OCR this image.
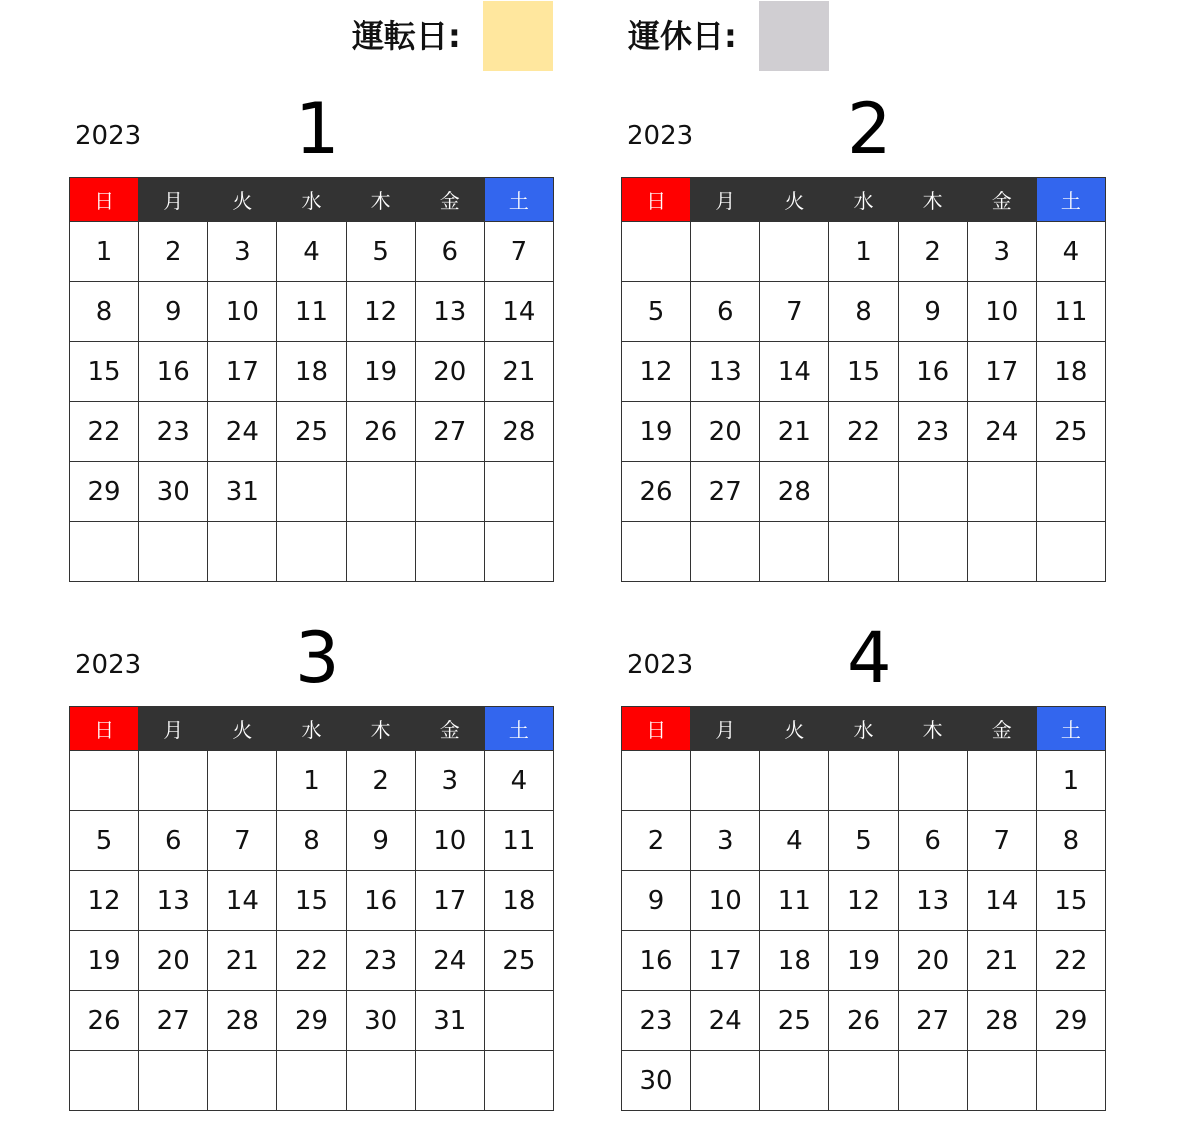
運転日:	運休日:
2023 1
日	月	火	水	木	金	土
1	2	3	4	5	6	7
8	9	10	11	12	13	14
15	16	17	18	19	20	21
22	23	24	25	26	27	28
29	30	31				

2023 2
日	月	火	水	木	金	土
			1	2	3	4
5	6	7	8	9	10	11
12	13	14	15	16	17	18
19	20	21	22	23	24	25
26	27	28				

2023 3
日	月	火	水	木	金	土
			1	2	3	4
5	6	7	8	9	10	11
12	13	14	15	16	17	18
19	20	21	22	23	24	25
26	27	28	29	30	31	

2023 4
日	月	火	水	木	金	土
						1
2	3	4	5	6	7	8
9	10	11	12	13	14	15
16	17	18	19	20	21	22
23	24	25	26	27	28	29
30						
